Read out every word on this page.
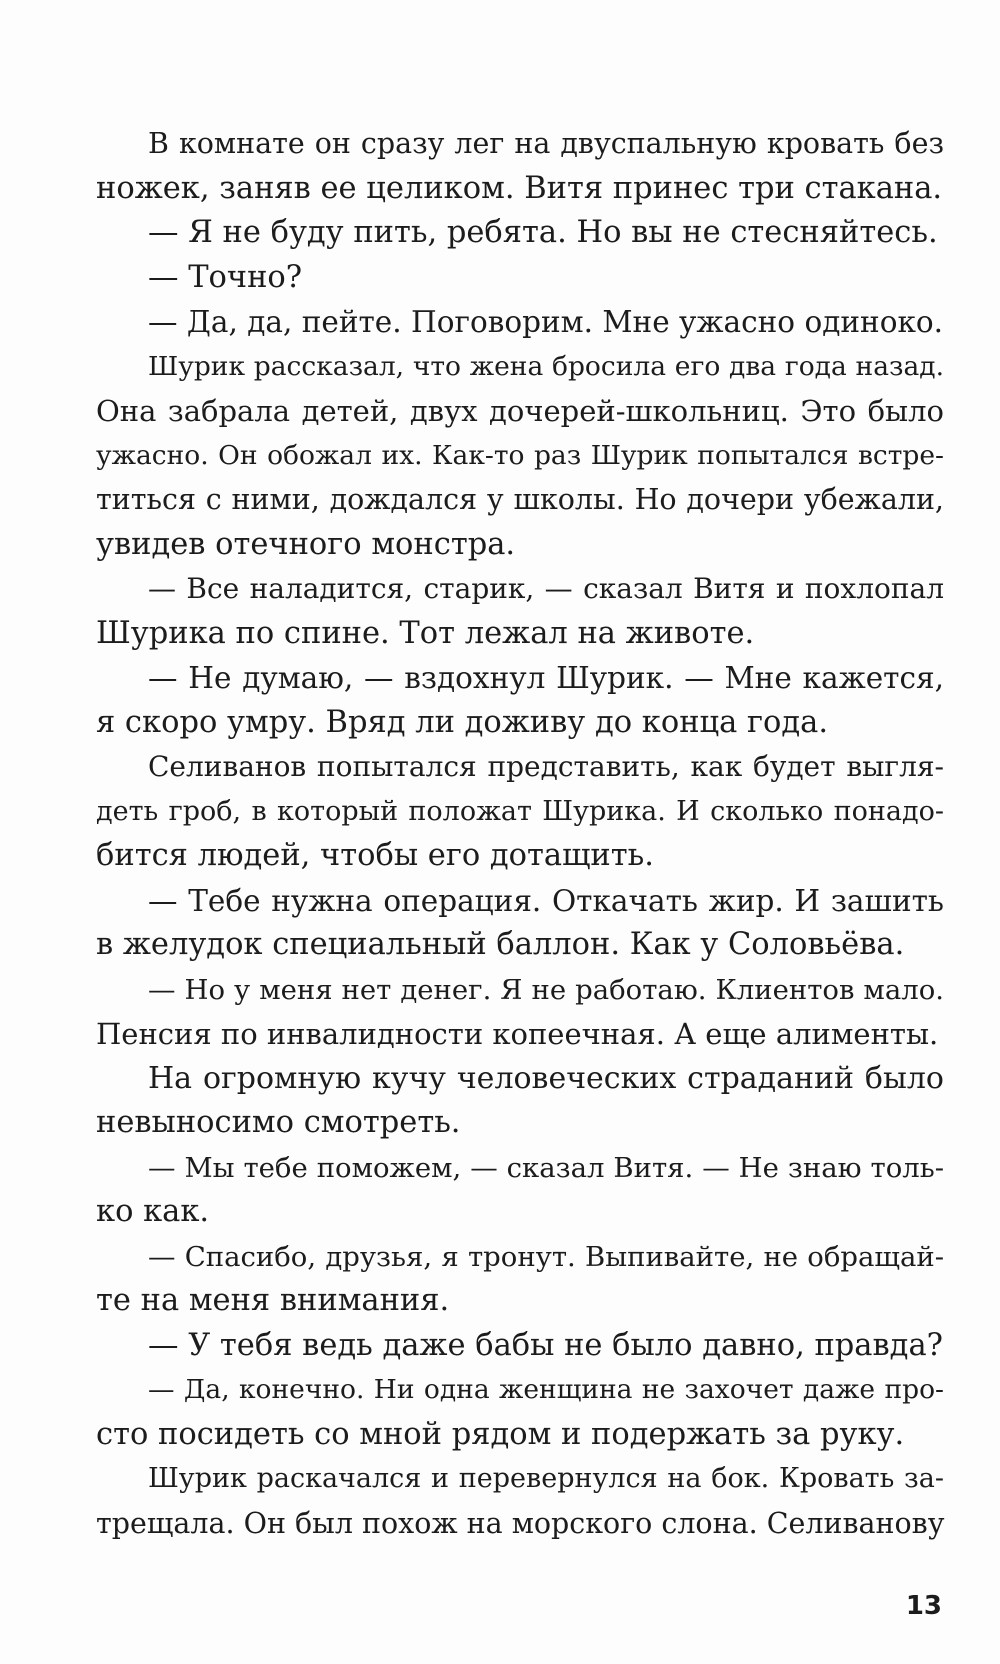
В комнате он сразу лег на двуспальную кровать без
ножек, заняв ее целиком. Витя принес три стакана.
— Я не буду пить, ребята. Но вы не стесняйтесь.
— Точно?
— Да, да, пейте. Поговорим. Мне ужасно одиноко.
Шурик рассказал, что жена бросила его два года назад.
Она забрала детей, двух дочерей-школьниц. Это было
ужасно. Он обожал их. Как-то раз Шурик попытался встре-
титься с ними, дождался у школы. Но дочери убежали,
увидев отечного монстра.
— Все наладится, старик, — сказал Витя и похлопал
Шурика по спине. Тот лежал на животе.
— Не думаю, — вздохнул Шурик. — Мне кажется,
я скоро умру. Вряд ли доживу до конца года.
Селиванов попытался представить, как будет выгля-
деть гроб, в который положат Шурика. И сколько понадо-
бится людей, чтобы его дотащить.
— Тебе нужна операция. Откачать жир. И зашить
в желудок специальный баллон. Как у Соловьёва.
— Но у меня нет денег. Я не работаю. Клиентов мало.
Пенсия по инвалидности копеечная. А еще алименты.
На огромную кучу человеческих страданий было
невыносимо смотреть.
— Мы тебе поможем, — сказал Витя. — Не знаю толь-
ко как.
— Спасибо, друзья, я тронут. Выпивайте, не обращай-
те на меня внимания.
— У тебя ведь даже бабы не было давно, правда?
— Да, конечно. Ни одна женщина не захочет даже про-
сто посидеть со мной рядом и подержать за руку.
Шурик раскачался и перевернулся на бок. Кровать за-
трещала. Он был похож на морского слона. Селиванову
13
